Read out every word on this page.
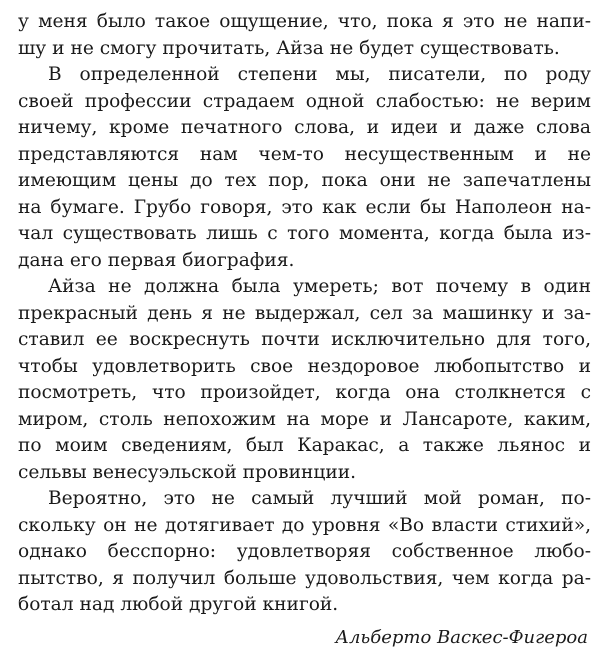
у меня было такое ощущение, что, пока я это не напи-
шу и не смогу прочитать, Айза не будет существовать.
В определенной степени мы, писатели, по роду
своей профессии страдаем одной слабостью: не верим
ничему, кроме печатного слова, и идеи и даже слова
представляются нам чем-то несущественным и не
имеющим цены до тех пор, пока они не запечатлены
на бумаге. Грубо говоря, это как если бы Наполеон на-
чал существовать лишь с того момента, когда была из-
дана его первая биография.
Айза не должна была умереть; вот почему в один
прекрасный день я не выдержал, сел за машинку и за-
ставил ее воскреснуть почти исключительно для того,
чтобы удовлетворить свое нездоровое любопытство и
посмотреть, что произойдет, когда она столкнется с
миром, столь непохожим на море и Лансароте, каким,
по моим сведениям, был Каракас, а также льянос и
сельвы венесуэльской провинции.
Вероятно, это не самый лучший мой роман, по-
скольку он не дотягивает до уровня «Во власти стихий»,
однако бесспорно: удовлетворяя собственное любо-
пытство, я получил больше удовольствия, чем когда ра-
ботал над любой другой книгой.
Альберто Васкес-Фигероа
